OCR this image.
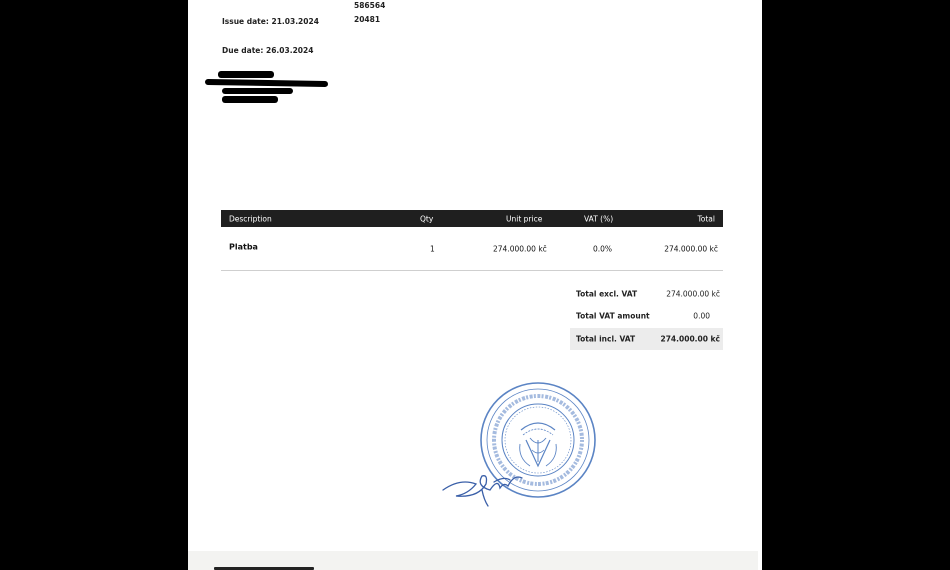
586564
20481
Issue date: 21.03.2024
Due date: 26.03.2024
Description	Qty	Unit price	VAT (%)	Total
Platba	1	274.000.00 kč	0.0%	274.000.00 kč
Total excl. VAT	274.000.00 kč
Total VAT amount	0.00
Total incl. VAT	274.000.00 kč
